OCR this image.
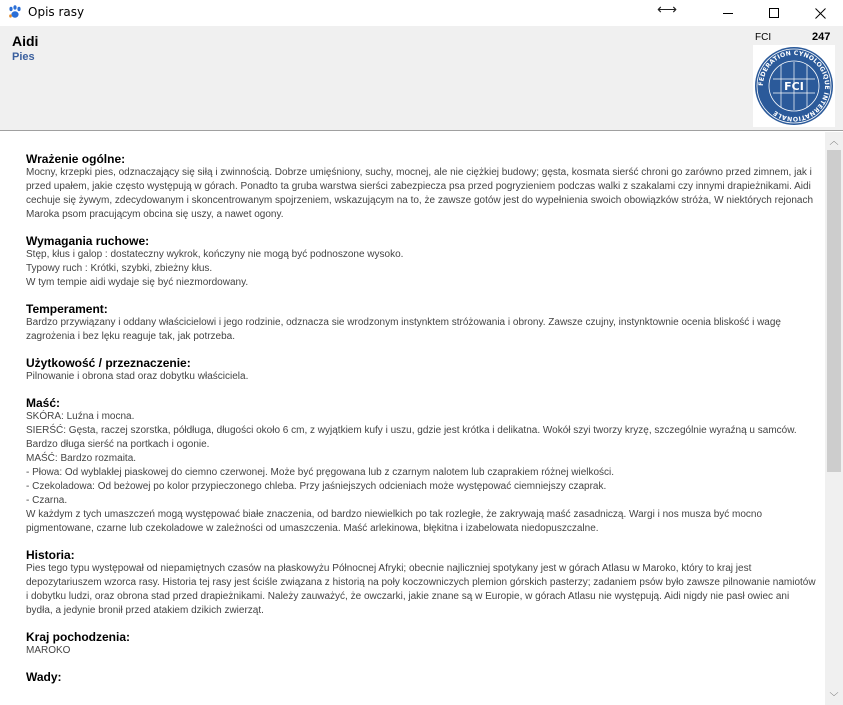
Opis rasy	⟷
Aidi
Pies
FCI	247
FEDERATION CYNOLOGIQUE INTERNATIONALE
FCI
Wrażenie ogólne:
Mocny, krzepki pies, odznaczający się siłą i zwinnością. Dobrze umięśniony, suchy, mocnej, ale nie ciężkiej budowy; gęsta, kosmata sierść chroni go zarówno przed zimnem, jak i przed upałem, jakie często występują w górach. Ponadto ta gruba warstwa sierści zabezpiecza psa przed pogryzieniem podczas walki z szakalami czy innymi drapieżnikami. Aidi cechuje się żywym, zdecydowanym i skoncentrowanym spojrzeniem, wskazującym na to, że zawsze gotów jest do wypełnienia swoich obowiązków stróża, W niektórych rejonach Maroka psom pracującym obcina się uszy, a nawet ogony.
Wymagania ruchowe:
Stęp, kłus i galop : dostateczny wykrok, kończyny nie mogą być podnoszone wysoko.
Typowy ruch : Krótki, szybki, zbieżny kłus.
W tym tempie aidi wydaje się być niezmordowany.
Temperament:
Bardzo przywiązany i oddany właścicielowi i jego rodzinie, odznacza sie wrodzonym instynktem stróżowania i obrony. Zawsze czujny, instynktownie ocenia bliskość i wagę zagrożenia i bez lęku reaguje tak, jak potrzeba.
Użytkowość / przeznaczenie:
Pilnowanie i obrona stad oraz dobytku właściciela.
Maść:
SKÓRA: Luźna i mocna.
SIERŚĆ: Gęsta, raczej szorstka, półdługa, długości około 6 cm, z wyjątkiem kufy i uszu, gdzie jest krótka i delikatna. Wokół szyi tworzy kryzę, szczególnie wyraźną u samców. Bardzo długa sierść na portkach i ogonie.
MAŚĆ: Bardzo rozmaita.
- Płowa: Od wyblakłej piaskowej do ciemno czerwonej. Może być pręgowana lub z czarnym nalotem lub czaprakiem różnej wielkości.
- Czekoladowa: Od beżowej po kolor przypieczonego chleba. Przy jaśniejszych odcieniach może występować ciemniejszy czaprak.
- Czarna.
W każdym z tych umaszczeń mogą występować białe znaczenia, od bardzo niewielkich po tak rozległe, że zakrywają maść zasadniczą. Wargi i nos musza być mocno pigmentowane, czarne lub czekoladowe w zależności od umaszczenia. Maść arlekinowa, błękitna i izabelowata niedopuszczalne.
Historia:
Pies tego typu występował od niepamiętnych czasów na płaskowyżu Północnej Afryki; obecnie najliczniej spotykany jest w górach Atlasu w Maroko, który to kraj jest depozytariuszem wzorca rasy. Historia tej rasy jest ściśle związana z historią na poły koczowniczych plemion górskich pasterzy; zadaniem psów było zawsze pilnowanie namiotów i dobytku ludzi, oraz obrona stad przed drapieżnikami. Należy zauważyć, że owczarki, jakie znane są w Europie, w górach Atlasu nie występują. Aidi nigdy nie pasł owiec ani bydła, a jedynie bronił przed atakiem dzikich zwierząt.
Kraj pochodzenia:
MAROKO
Wady:
︿
﹀
